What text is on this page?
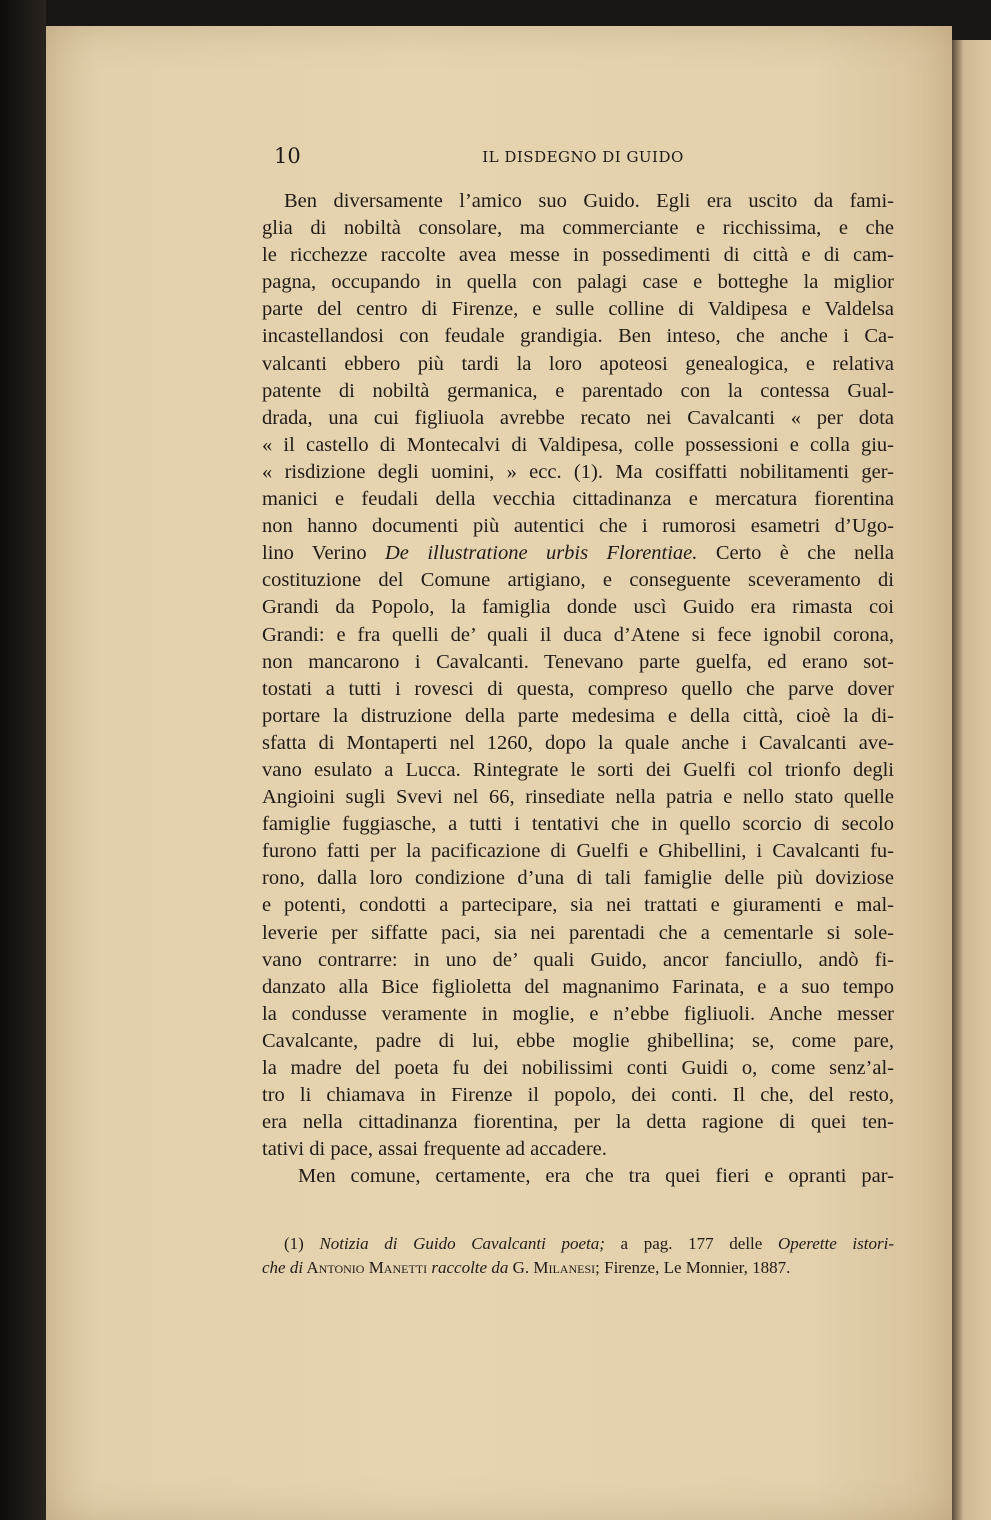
10	IL DISDEGNO DI GUIDO
Ben diversamente l’amico suo Guido. Egli era uscito da fami-
glia di nobiltà consolare, ma commerciante e ricchissima, e che
le ricchezze raccolte avea messe in possedimenti di città e di cam-
pagna, occupando in quella con palagi case e botteghe la miglior
parte del centro di Firenze, e sulle colline di Valdipesa e Valdelsa
incastellandosi con feudale grandigia. Ben inteso, che anche i Ca-
valcanti ebbero più tardi la loro apoteosi genealogica, e relativa
patente di nobiltà germanica, e parentado con la contessa Gual-
drada, una cui figliuola avrebbe recato nei Cavalcanti « per dota
« il castello di Montecalvi di Valdipesa, colle possessioni e colla giu-
« risdizione degli uomini, » ecc. (1). Ma cosiffatti nobilitamenti ger-
manici e feudali della vecchia cittadinanza e mercatura fiorentina
non hanno documenti più autentici che i rumorosi esametri d’Ugo-
lino Verino De illustratione urbis Florentiae. Certo è che nella
costituzione del Comune artigiano, e conseguente sceveramento di
Grandi da Popolo, la famiglia donde uscì Guido era rimasta coi
Grandi: e fra quelli de’ quali il duca d’Atene si fece ignobil corona,
non mancarono i Cavalcanti. Tenevano parte guelfa, ed erano sot-
tostati a tutti i rovesci di questa, compreso quello che parve dover
portare la distruzione della parte medesima e della città, cioè la di-
sfatta di Montaperti nel 1260, dopo la quale anche i Cavalcanti ave-
vano esulato a Lucca. Rintegrate le sorti dei Guelfi col trionfo degli
Angioini sugli Svevi nel 66, rinsediate nella patria e nello stato quelle
famiglie fuggiasche, a tutti i tentativi che in quello scorcio di secolo
furono fatti per la pacificazione di Guelfi e Ghibellini, i Cavalcanti fu-
rono, dalla loro condizione d’una di tali famiglie delle più doviziose
e potenti, condotti a partecipare, sia nei trattati e giuramenti e mal-
leverie per siffatte paci, sia nei parentadi che a cementarle si sole-
vano contrarre: in uno de’ quali Guido, ancor fanciullo, andò fi-
danzato alla Bice figlioletta del magnanimo Farinata, e a suo tempo
la condusse veramente in moglie, e n’ebbe figliuoli. Anche messer
Cavalcante, padre di lui, ebbe moglie ghibellina; se, come pare,
la madre del poeta fu dei nobilissimi conti Guidi o, come senz’al-
tro li chiamava in Firenze il popolo, dei conti. Il che, del resto,
era nella cittadinanza fiorentina, per la detta ragione di quei ten-
tativi di pace, assai frequente ad accadere.
Men comune, certamente, era che tra quei fieri e opranti par-
(1) Notizia di Guido Cavalcanti poeta; a pag. 177 delle Operette istori-
che di Antonio Manetti raccolte da G. Milanesi; Firenze, Le Monnier, 1887.
